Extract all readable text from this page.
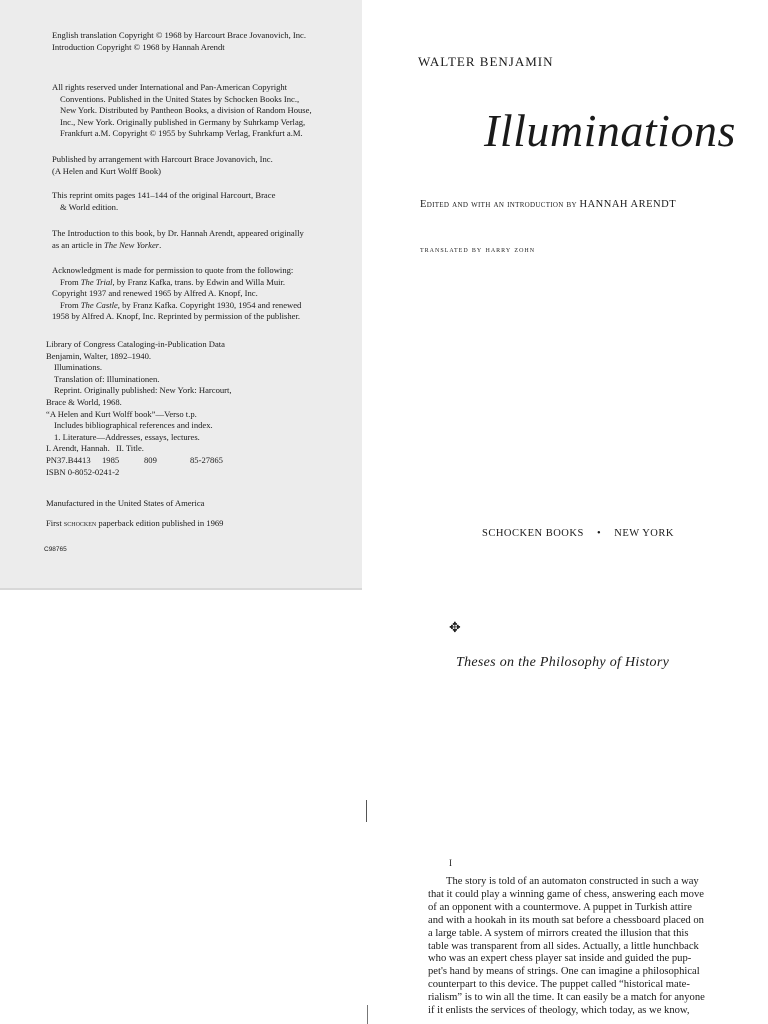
English translation Copyright © 1968 by Harcourt Brace Jovanovich, Inc.

Introduction Copyright © 1968 by Hannah Arendt

All rights reserved under International and Pan-American Copyright

Conventions. Published in the United States by Schocken Books Inc.,

New York. Distributed by Pantheon Books, a division of Random House,

Inc., New York. Originally published in Germany by Suhrkamp Verlag,

Frankfurt a.M. Copyright © 1955 by Suhrkamp Verlag, Frankfurt a.M.

Published by arrangement with Harcourt Brace Jovanovich, Inc.

(A Helen and Kurt Wolff Book)

This reprint omits pages 141–144 of the original Harcourt, Brace

& World edition.

The Introduction to this book, by Dr. Hannah Arendt, appeared originally

as an article in The New Yorker.

Acknowledgment is made for permission to quote from the following:

From The Trial, by Franz Kafka, trans. by Edwin and Willa Muir.

Copyright 1937 and renewed 1965 by Alfred A. Knopf, Inc.

From The Castle, by Franz Kafka. Copyright 1930, 1954 and renewed

1958 by Alfred A. Knopf, Inc. Reprinted by permission of the publisher.

Library of Congress Cataloging-in-Publication Data

Benjamin, Walter, 1892–1940.

Illuminations.

Translation of: Illuminationen.

Reprint. Originally published: New York: Harcourt,

Brace & World, 1968.

“A Helen and Kurt Wolff book”—Verso t.p.

Includes bibliographical references and index.

1. Literature—Addresses, essays, lectures.

I. Arendt, Hannah. II. Title.
PN37.B4413	1985	809	85-27865

ISBN 0-8052-0241-2

Manufactured in the United States of America

First schocken paperback edition published in 1969

C98765
WALTER BENJAMIN
Illuminations
Edited and with an introduction by HANNAH ARENDT
translated by harry zohn
SCHOCKEN BOOKS • NEW YORK
✥
Theses on the Philosophy of History
I

The story is told of an automaton constructed in such a way

that it could play a winning game of chess, answering each move

of an opponent with a countermove. A puppet in Turkish attire

and with a hookah in its mouth sat before a chessboard placed on

a large table. A system of mirrors created the illusion that this

table was transparent from all sides. Actually, a little hunchback

who was an expert chess player sat inside and guided the pup-

pet's hand by means of strings. One can imagine a philosophical

counterpart to this device. The puppet called “historical mate-

rialism” is to win all the time. It can easily be a match for anyone

if it enlists the services of theology, which today, as we know,
